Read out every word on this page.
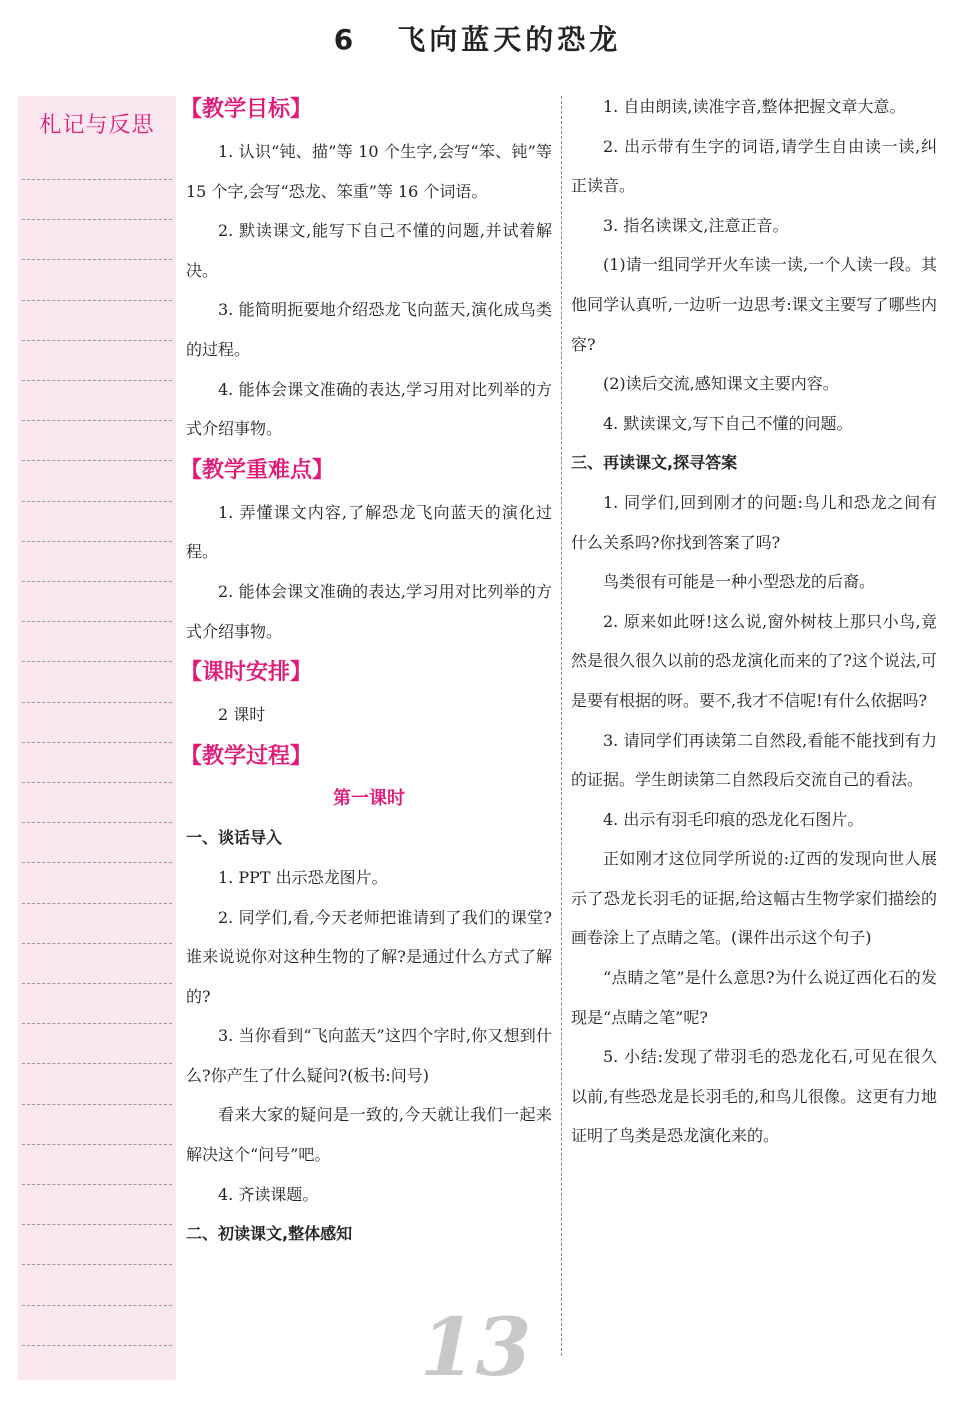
6 飞向蓝天的恐龙
札记与反思
【教学目标】

1. 认识“钝、描”等 10 个生字,会写“笨、钝”等 15 个字,会写“恐龙、笨重”等 16 个词语。

2. 默读课文,能写下自己不懂的问题,并试着解决。

3. 能简明扼要地介绍恐龙飞向蓝天,演化成鸟类的过程。

4. 能体会课文准确的表达,学习用对比列举的方式介绍事物。

【教学重难点】

1. 弄懂课文内容,了解恐龙飞向蓝天的演化过程。

2. 能体会课文准确的表达,学习用对比列举的方式介绍事物。

【课时安排】

2 课时

【教学过程】

第一课时

一、谈话导入

1. PPT 出示恐龙图片。

2. 同学们,看,今天老师把谁请到了我们的课堂?谁来说说你对这种生物的了解?是通过什么方式了解的?

3. 当你看到“飞向蓝天”这四个字时,你又想到什么?你产生了什么疑问?(板书:问号)

看来大家的疑问是一致的,今天就让我们一起来解决这个“问号”吧。

4. 齐读课题。

二、初读课文,整体感知

1. 自由朗读,读准字音,整体把握文章大意。

2. 出示带有生字的词语,请学生自由读一读,纠正读音。

3. 指名读课文,注意正音。

(1)请一组同学开火车读一读,一个人读一段。其他同学认真听,一边听一边思考:课文主要写了哪些内容?

(2)读后交流,感知课文主要内容。

4. 默读课文,写下自己不懂的问题。

三、再读课文,探寻答案

1. 同学们,回到刚才的问题:鸟儿和恐龙之间有什么关系吗?你找到答案了吗?

鸟类很有可能是一种小型恐龙的后裔。

2. 原来如此呀!这么说,窗外树枝上那只小鸟,竟然是很久很久以前的恐龙演化而来的了?这个说法,可是要有根据的呀。要不,我才不信呢!有什么依据吗?

3. 请同学们再读第二自然段,看能不能找到有力的证据。学生朗读第二自然段后交流自己的看法。

4. 出示有羽毛印痕的恐龙化石图片。

正如刚才这位同学所说的:辽西的发现向世人展示了恐龙长羽毛的证据,给这幅古生物学家们描绘的画卷涂上了点睛之笔。(课件出示这个句子)

“点睛之笔”是什么意思?为什么说辽西化石的发现是“点睛之笔”呢?

5. 小结:发现了带羽毛的恐龙化石,可见在很久以前,有些恐龙是长羽毛的,和鸟儿很像。这更有力地证明了鸟类是恐龙演化来的。

13
